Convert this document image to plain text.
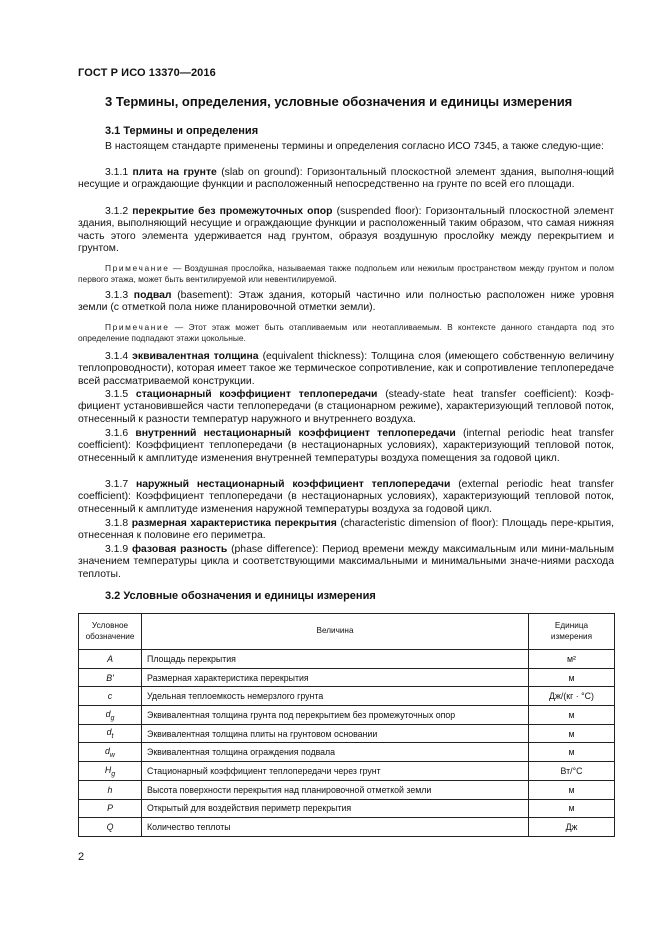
ГОСТ Р ИСО 13370—2016
3 Термины, определения, условные обозначения и единицы измерения
3.1 Термины и определения

В настоящем стандарте применены термины и определения согласно ИСО 7345, а также следую-щие:

3.1.1 плита на грунте (slab on ground): Горизонтальный плоскостной элемент здания, выполня-ющий несущие и ограждающие функции и расположенный непосредственно на грунте по всей его площади.

3.1.2 перекрытие без промежуточных опор (suspended floor): Горизонтальный плоскостной элемент здания, выполняющий несущие и ограждающие функции и расположенный таким образом, что самая нижняя часть этого элемента удерживается над грунтом, образуя воздушную прослойку между перекрытием и грунтом.

Примечание — Воздушная прослойка, называемая также подпольем или нежилым пространством между грунтом и полом первого этажа, может быть вентилируемой или невентилируемой.

3.1.3 подвал (basement): Этаж здания, который частично или полностью расположен ниже уровня земли (с отметкой пола ниже планировочной отметки земли).

Примечание — Этот этаж может быть отапливаемым или неотапливаемым. В контексте данного стандарта под это определение подпадают этажи цокольные.

3.1.4 эквивалентная толщина (equivalent thickness): Толщина слоя (имеющего собственную величину теплопроводности), которая имеет такое же термическое сопротивление, как и сопротивление теплопередаче всей рассматриваемой конструкции.

3.1.5 стационарный коэффициент теплопередачи (steady-state heat transfer coefficient): Коэф-фициент установившейся части теплопередачи (в стационарном режиме), характеризующий тепловой поток, отнесенный к разности температур наружного и внутреннего воздуха.

3.1.6 внутренний нестационарный коэффициент теплопередачи (internal periodic heat transfer coefficient): Коэффициент теплопередачи (в нестационарных условиях), характеризующий тепловой поток, отнесенный к амплитуде изменения внутренней температуры воздуха помещения за годовой цикл.

3.1.7 наружный нестационарный коэффициент теплопередачи (external periodic heat transfer coefficient): Коэффициент теплопередачи (в нестационарных условиях), характеризующий тепловой поток, отнесенный к амплитуде изменения наружной температуры воздуха за годовой цикл.

3.1.8 размерная характеристика перекрытия (characteristic dimension of floor): Площадь пере-крытия, отнесенная к половине его периметра.

3.1.9 фазовая разность (phase difference): Период времени между максимальным или мини-мальным значением температуры цикла и соответствующими максимальными и минимальными значе-ниями расхода теплоты.

3.2 Условные обозначения и единицы измерения
Условное обозначение	Величина	Единица измерения
A	Площадь перекрытия	м²
B'	Размерная характеристика перекрытия	м
c	Удельная теплоемкость немерзлого грунта	Дж/(кг · °C)
$d_g$	Эквивалентная толщина грунта под перекрытием без промежуточных опор	м
$d_t$	Эквивалентная толщина плиты на грунтовом основании	м
$d_w$	Эквивалентная толщина ограждения подвала	м
$H_g$	Стационарный коэффициент теплопередачи через грунт	Вт/°C
h	Высота поверхности перекрытия над планировочной отметкой земли	м
P	Открытый для воздействия периметр перекрытия	м
Q	Количество теплоты	Дж
2
